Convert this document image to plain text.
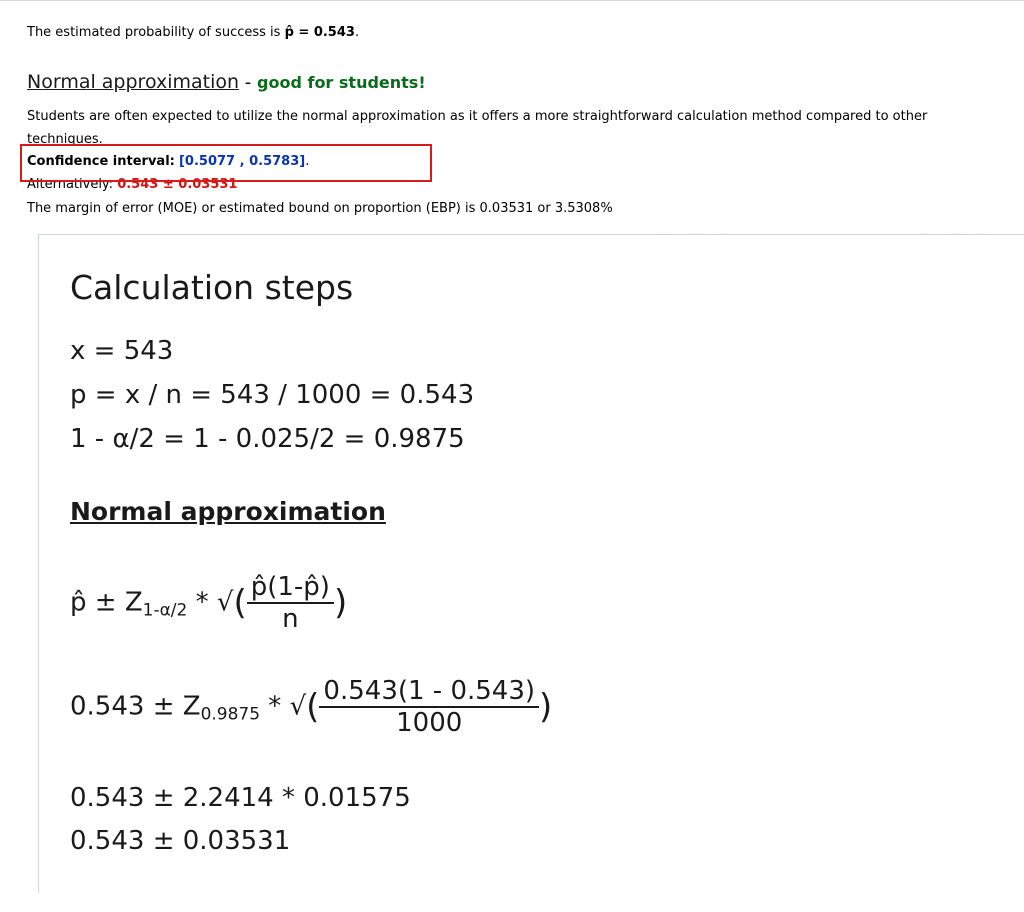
The estimated probability of success is p̂ = 0.543.
Normal approximation - good for students!
Students are often expected to utilize the normal approximation as it offers a more straightforward calculation method compared to other
techniques.
Confidence interval: [0.5077 , 0.5783].
Alternatively: 0.543 ± 0.03531
The margin of error (MOE) or estimated bound on proportion (EBP) is 0.03531 or 3.5308%
Calculation steps
x = 543
p = x / n = 543 / 1000 = 0.543
1 - α/2 = 1 - 0.025/2 = 0.9875
Normal approximation
p̂ ± $Z_{1-\alpha/2}$ * √( $\frac{p̂(1-p̂)}{n}$ )
$0.543 \pm Z_{0.9875}$ * √( $\frac{0.543(1 - 0.543)}{1000}$ )
0.543 ± 2.2414 * 0.01575
0.543 ± 0.03531
